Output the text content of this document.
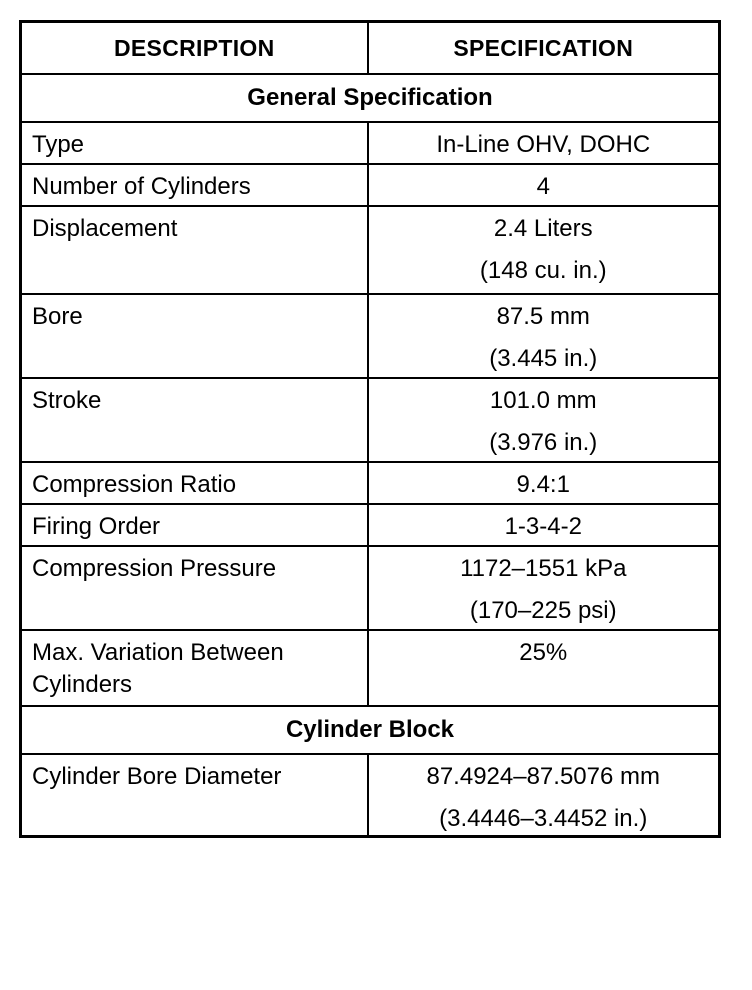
DESCRIPTION	SPECIFICATION
General Specification	
Type	In-Line OHV, DOHC
Number of Cylinders	4
Displacement	2.4 Liters
(148 cu. in.)

Bore	87.5 mm
(3.445 in.)

Stroke	101.0 mm
(3.976 in.)

Compression Ratio	9.4:1
Firing Order	1-3-4-2
Compression Pressure	1172–1551 kPa
(170–225 psi)

Max. Variation Between
Cylinders	25%
Cylinder Block	
Cylinder Bore Diameter	87.4924–87.5076 mm
(3.4446–3.4452 in.)
